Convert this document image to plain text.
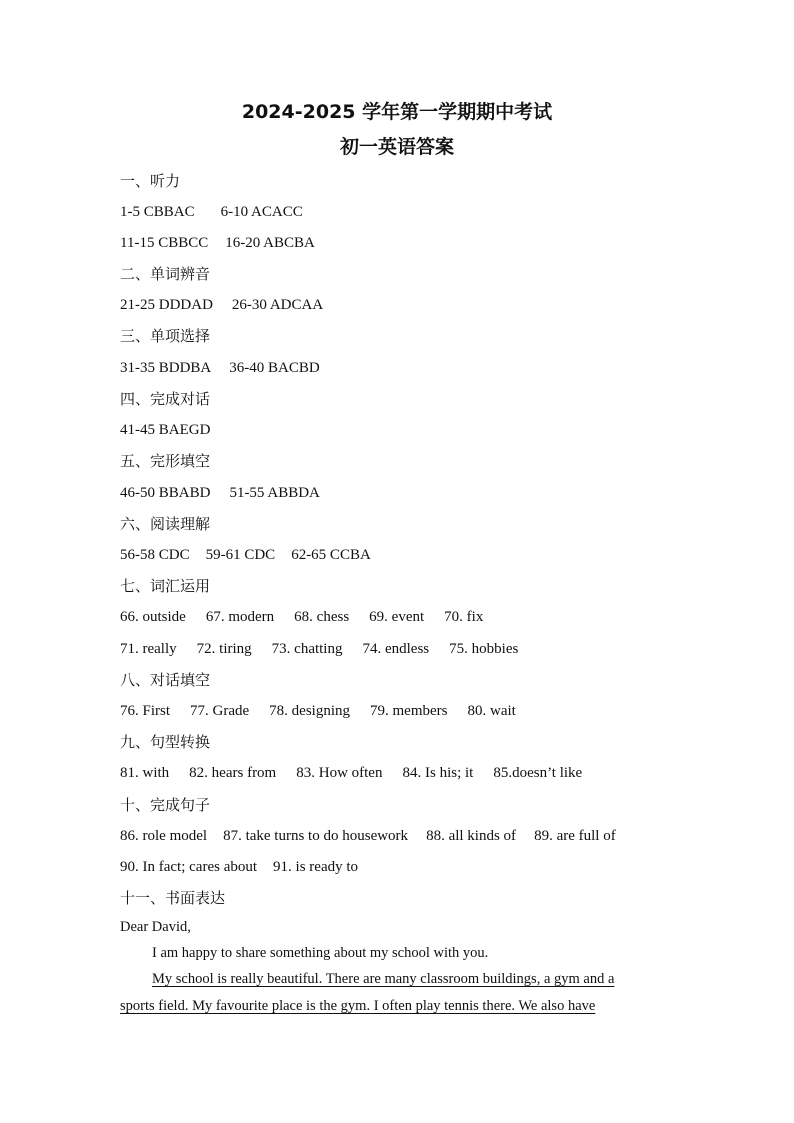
2024-2025 学年第一学期期中考试
初一英语答案
一、听力
1-5 CBBAC 6-10 ACACC
11-15 CBBCC 16-20 ABCBA
二、单词辨音
21-25 DDDAD 26-30 ADCAA
三、单项选择
31-35 BDDBA 36-40 BACBD
四、完成对话
41-45 BAEGD
五、完形填空
46-50 BBABD 51-55 ABBDA
六、阅读理解
56-58 CDC 59-61 CDC 62-65 CCBA
七、词汇运用
66. outside 67. modern 68. chess 69. event 70. fix
71. really 72. tiring 73. chatting 74. endless 75. hobbies
八、对话填空
76. First 77. Grade 78. designing 79. members 80. wait
九、句型转换
81. with 82. hears from 83. How often 84. Is his; it 85.doesn’t like
十、完成句子
86. role model 87. take turns to do housework 88. all kinds of 89. are full of
90. In fact; cares about 91. is ready to
十一、书面表达
Dear David,
I am happy to share something about my school with you.
My school is really beautiful. There are many classroom buildings, a gym and a
sports field. My favourite place is the gym. I often play tennis there. We also have
